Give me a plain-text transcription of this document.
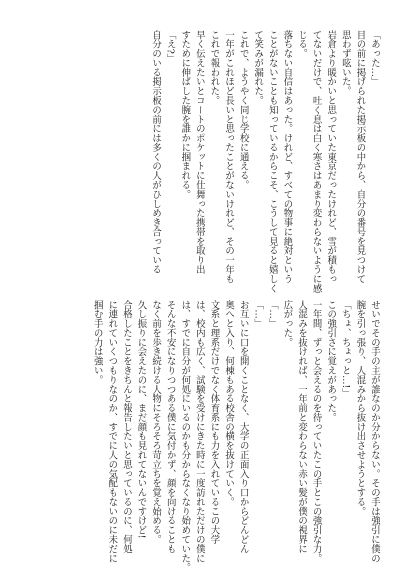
「あった…」

目の前に掲げられた掲示板の中から、自分の番号を見つけて

思わず呟いた。

岩倉より暖かいと思っていた東京だったけれど、雪が積もっ

てないだけで、吐く息は白く寒さはあまり変わらないように感

じる。

落ちない自信はあった。けれど、すべての物事に絶対という

ことがないことも知っているからこそ、こうして見ると嬉しく

て笑みが漏れた。

これで、ようやく同じ学校に通える。

一年がこれほど長いと思ったことがないけれど、その一年も

これで報われた。

早く伝えたいとコートのポケットに仕舞った携帯を取り出

すために伸ばした腕を誰かに掴まれる。

「え?」

自分のいる掲示板の前には多くの人がひしめき合っている

せいでその手の主が誰なのか分からない。その手は強引に僕の

腕を引っ張り、人混みから抜け出させようとする。

「ちょ、ちょっと…!」

この強引さに覚えがあった。

一年間、ずっと会えるのを待っていたこの手とこの強引な力。

人混みを抜ければ、一年前と変わらない赤い髪が僕の視界に

広がった。

「…」

「…」

お互いに口を開くことなく、大学の正面入り口からどんどん

奥へと入り、何棟もある校舎の横を抜けていく。

文系と理系だけでなく体育系にも力を入れているこの大学

は、校内も広く、試験を受けにきた時に一度訪れただけの僕に

は、すでに自分が何処にいるのかも分からなくなり始めていた。

そんな不安になりつつある僕に気付かず、顔を向けることも

なく前を歩き続ける人物にそろそろ苛立ちを覚え始める。

久し振りに会えたのに、まだ顔も見れてないんですけど!

合格したことをきちんと報告したいと思っているのに、何処

に連れていくつもりなのか、すでに人の気配もないのに未だに

掴む手の力は強い。
